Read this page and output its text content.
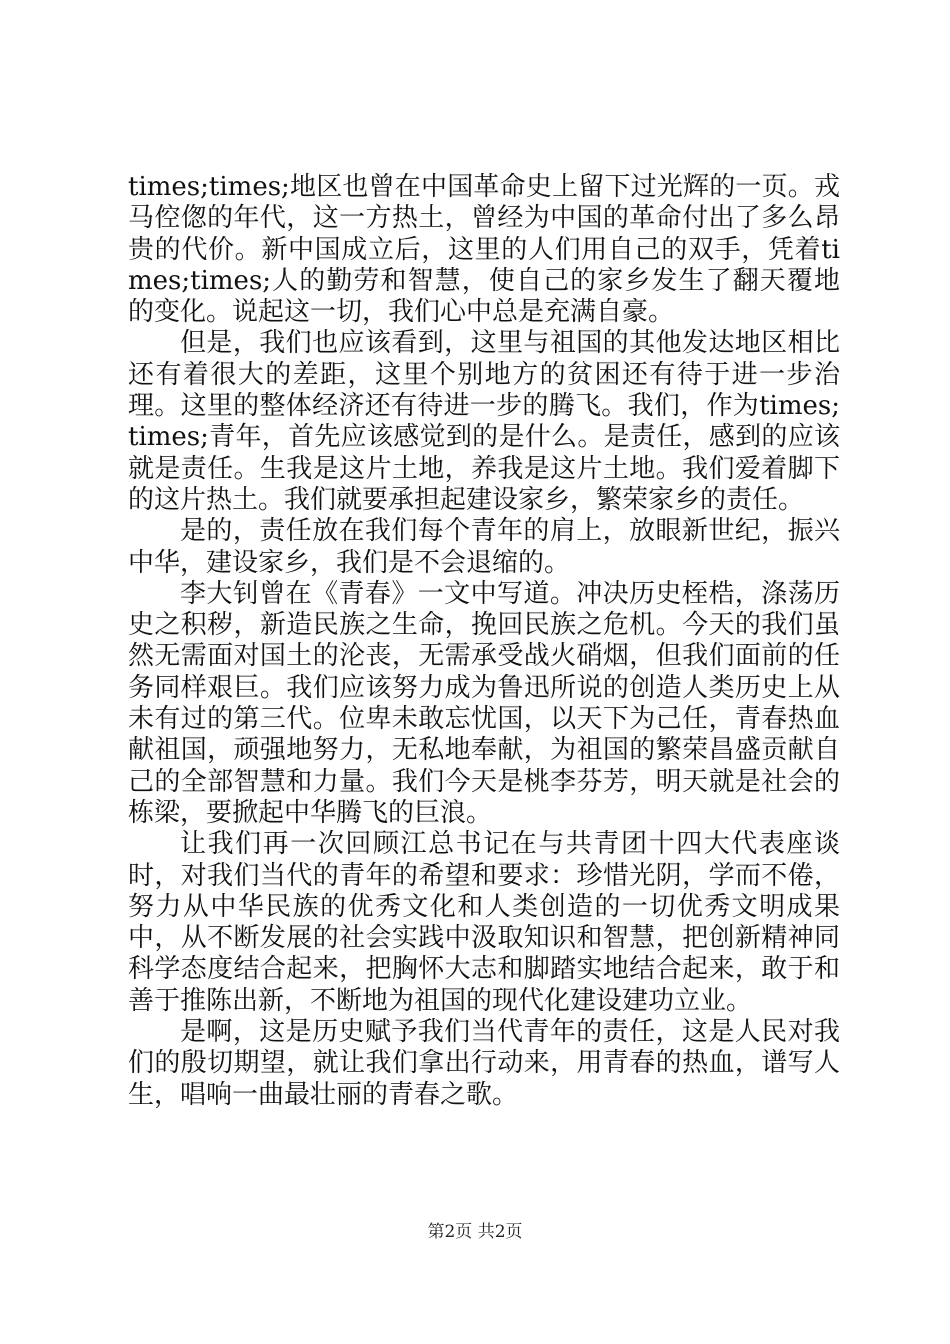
times;times;地区也曾在中国革命史上留下过光辉的一页。戎马倥偬的年代，这一方热土，曾经为中国的革命付出了多么昂贵的代价。新中国成立后，这里的人们用自己的双手，凭着times;times;人的勤劳和智慧，使自己的家乡发生了翻天覆地的变化。说起这一切，我们心中总是充满自豪。

但是，我们也应该看到，这里与祖国的其他发达地区相比还有着很大的差距，这里个别地方的贫困还有待于进一步治理。这里的整体经济还有待进一步的腾飞。我们，作为times;times;青年，首先应该感觉到的是什么。是责任，感到的应该就是责任。生我是这片土地，养我是这片土地。我们爱着脚下的这片热土。我们就要承担起建设家乡，繁荣家乡的责任。

是的，责任放在我们每个青年的肩上，放眼新世纪，振兴中华，建设家乡，我们是不会退缩的。

李大钊曾在《青春》一文中写道。冲决历史桎梏，涤荡历史之积秽，新造民族之生命，挽回民族之危机。今天的我们虽然无需面对国土的沦丧，无需承受战火硝烟，但我们面前的任务同样艰巨。我们应该努力成为鲁迅所说的创造人类历史上从未有过的第三代。位卑未敢忘忧国，以天下为己任，青春热血献祖国，顽强地努力，无私地奉献，为祖国的繁荣昌盛贡献自己的全部智慧和力量。我们今天是桃李芬芳，明天就是社会的栋梁，要掀起中华腾飞的巨浪。

让我们再一次回顾江总书记在与共青团十四大代表座谈时，对我们当代的青年的希望和要求：珍惜光阴，学而不倦，努力从中华民族的优秀文化和人类创造的一切优秀文明成果中，从不断发展的社会实践中汲取知识和智慧，把创新精神同科学态度结合起来，把胸怀大志和脚踏实地结合起来，敢于和善于推陈出新，不断地为祖国的现代化建设建功立业。

是啊，这是历史赋予我们当代青年的责任，这是人民对我们的殷切期望，就让我们拿出行动来，用青春的热血，谱写人生，唱响一曲最壮丽的青春之歌。

第2页 共2页
